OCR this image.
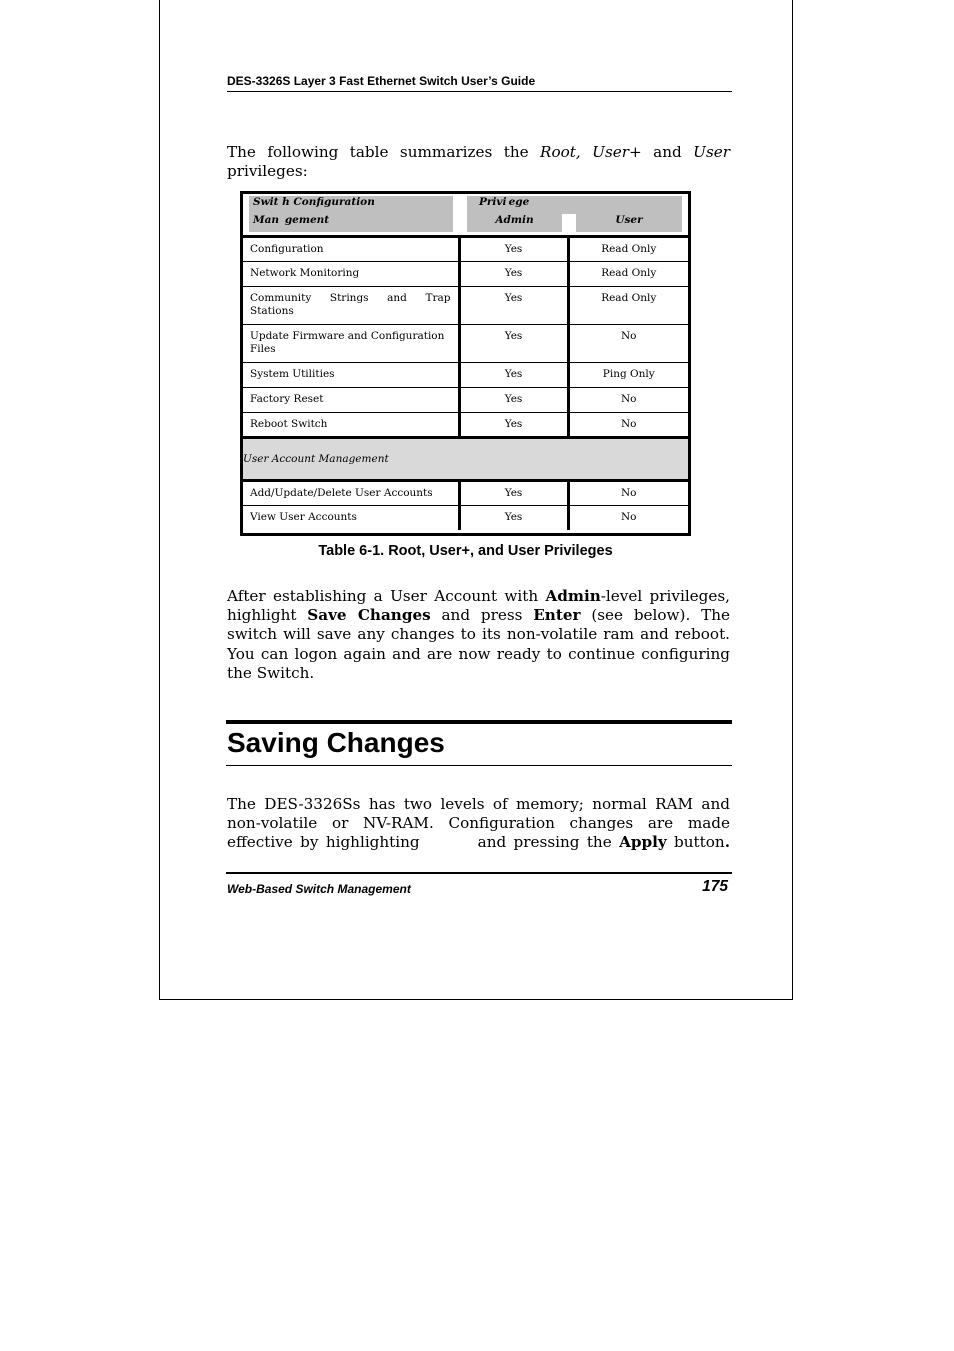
DES-3326S Layer 3 Fast Ethernet Switch User’s Guide
The following table summarizes the Root, User+ and User
privileges:
Swit h Configuration	Privi ege	

Man  gement	Admin	User

Configuration	Yes	Read Only
Network Monitoring	Yes	Read Only
Community Strings and Trap Stations	Yes	Read Only
Update Firmware and Configuration Files	Yes	No
System Utilities	Yes	Ping Only
Factory Reset	Yes	No
Reboot Switch	Yes	No

User Account Management		

Add/Update/Delete User Accounts	Yes	No
View User Accounts	Yes	No
Table 6-1. Root, User+, and User Privileges
After establishing a User Account with Admin-level privileges,
highlight Save Changes and press Enter (see below). The
switch will save any changes to its non-volatile ram and reboot.
You can logon again and are now ready to continue configuring
the Switch.
Saving Changes
The DES-3326Ss has two levels of memory; normal RAM and
non-volatile or NV-RAM. Configuration changes are made
effective by highlighting	and pressing the Apply button.
Web-Based Switch Management	175
